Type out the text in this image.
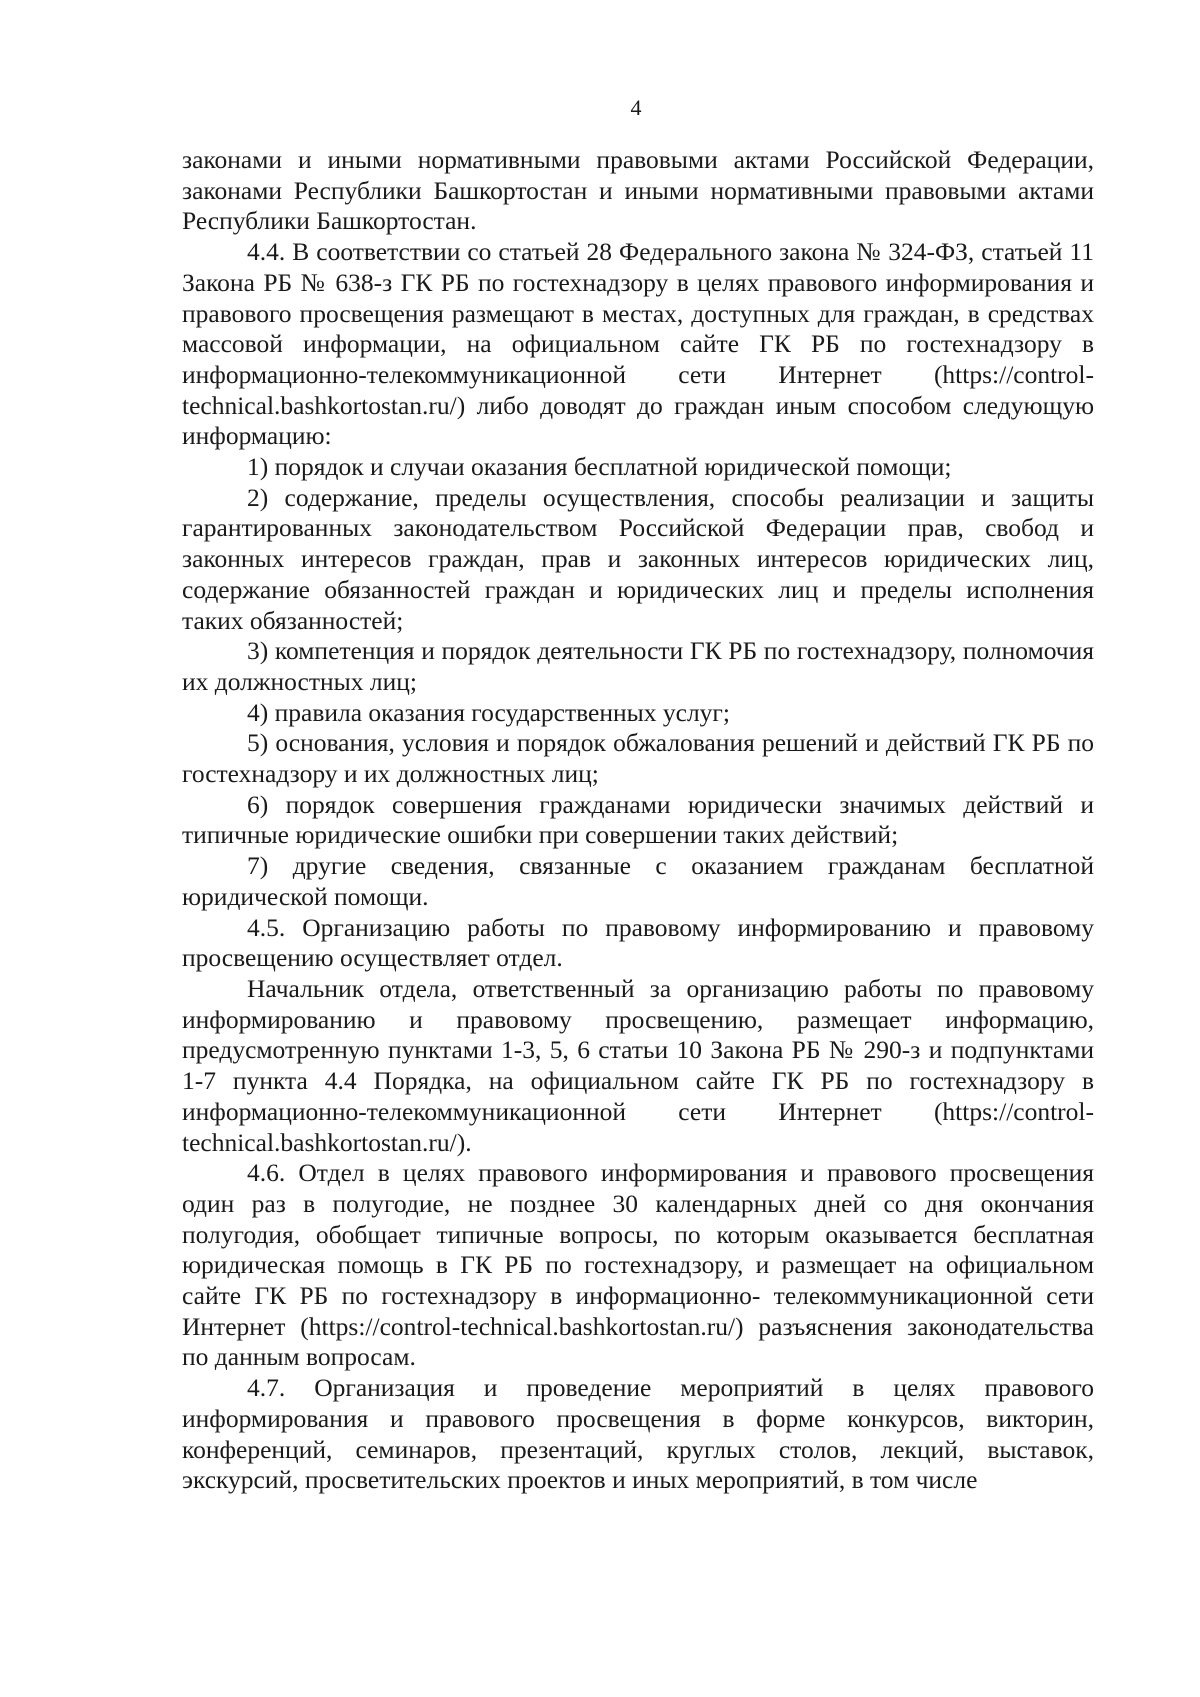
4

законами и иными нормативными правовыми актами Российской Федерации, законами Республики Башкортостан и иными нормативными правовыми актами Республики Башкортостан.

4.4. В соответствии со статьей 28 Федерального закона № 324-ФЗ, статьей 11 Закона РБ № 638-з ГК РБ по гостехнадзору в целях правового информирования и правового просвещения размещают в местах, доступных для граждан, в средствах массовой информации, на официальном сайте ГК РБ по гостехнадзору в информационно-телекоммуникационной сети Интернет (https://control-technical.bashkortostan.ru/) либо доводят до граждан иным способом следующую информацию:

1) порядок и случаи оказания бесплатной юридической помощи;

2) содержание, пределы осуществления, способы реализации и защиты гарантированных законодательством Российской Федерации прав, свобод и законных интересов граждан, прав и законных интересов юридических лиц, содержание обязанностей граждан и юридических лиц и пределы исполнения таких обязанностей;

3) компетенция и порядок деятельности ГК РБ по гостехнадзору, полномочия их должностных лиц;

4) правила оказания государственных услуг;

5) основания, условия и порядок обжалования решений и действий ГК РБ по гостехнадзору и их должностных лиц;

6) порядок совершения гражданами юридически значимых действий и типичные юридические ошибки при совершении таких действий;

7) другие сведения, связанные с оказанием гражданам бесплатной юридической помощи.

4.5. Организацию работы по правовому информированию и правовому просвещению осуществляет отдел.

Начальник отдела, ответственный за организацию работы по правовому информированию и правовому просвещению, размещает информацию, предусмотренную пунктами 1-3, 5, 6 статьи 10 Закона РБ № 290-з и подпунктами 1-7 пункта 4.4 Порядка, на официальном сайте ГК РБ по гостехнадзору в информационно-телекоммуникационной сети Интернет (https://control-technical.bashkortostan.ru/).

4.6. Отдел в целях правового информирования и правового просвещения один раз в полугодие, не позднее 30 календарных дней со дня окончания полугодия, обобщает типичные вопросы, по которым оказывается бесплатная юридическая помощь в ГК РБ по гостехнадзору, и размещает на официальном сайте ГК РБ по гостехнадзору в информационно- телекоммуникационной сети Интернет (https://control-technical.bashkortostan.ru/) разъяснения законодательства по данным вопросам.

4.7. Организация и проведение мероприятий в целях правового информирования и правового просвещения в форме конкурсов, викторин, конференций, семинаров, презентаций, круглых столов, лекций, выставок, экскурсий, просветительских проектов и иных мероприятий, в том числе
